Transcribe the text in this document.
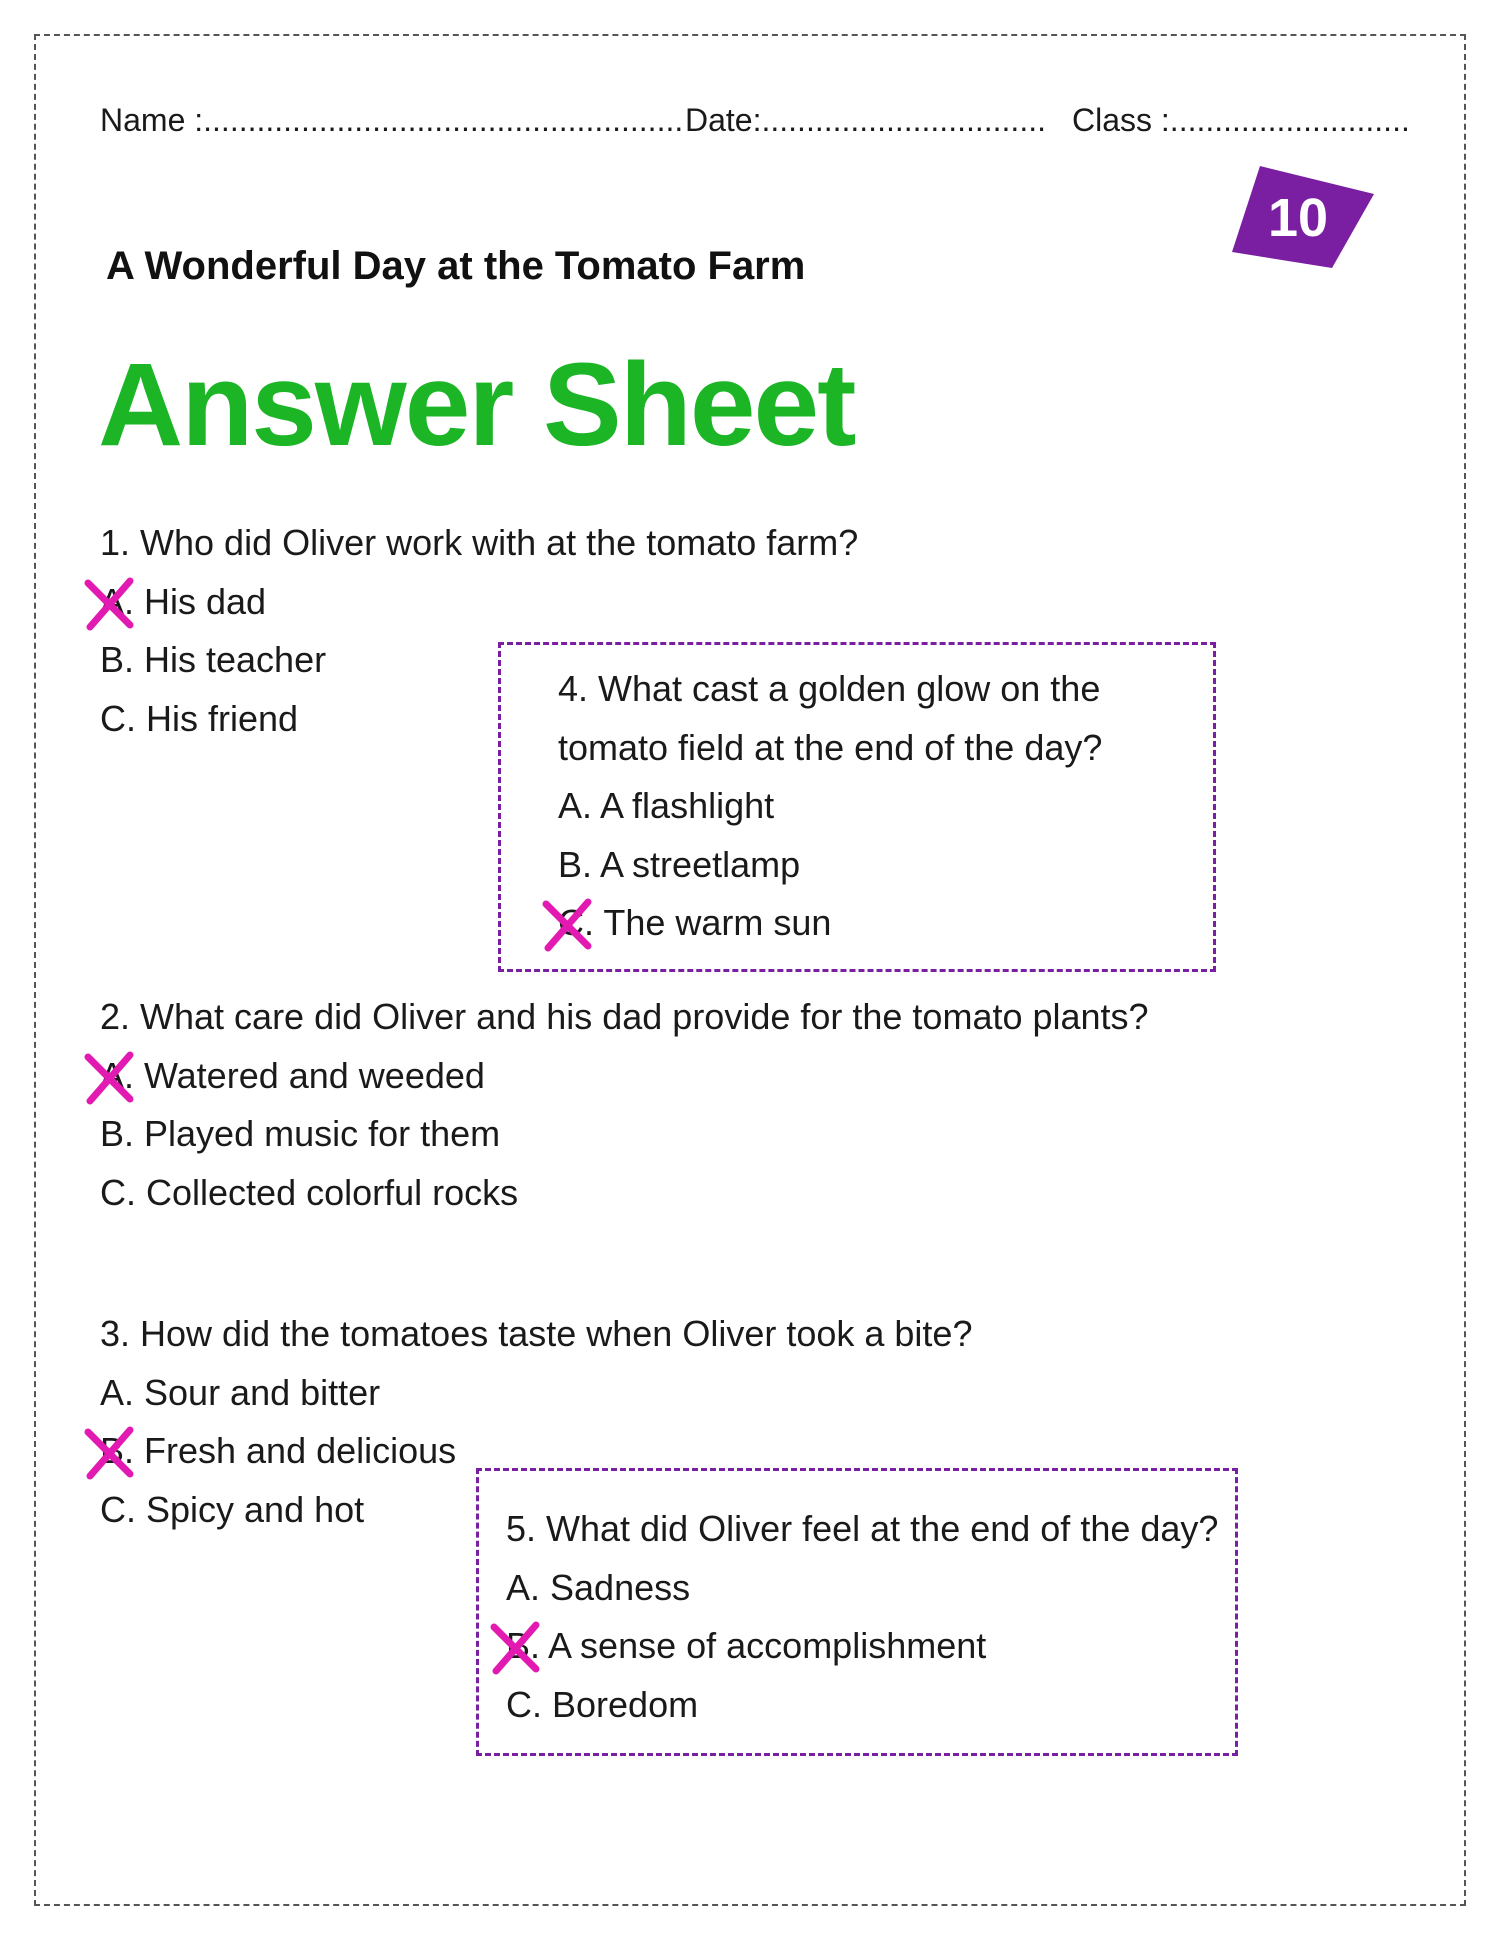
Name :...................................................... Date:................................ Class :...........................
10
A Wonderful Day at the Tomato Farm
Answer Sheet
1. Who did Oliver work with at the tomato farm?
A. His dad
B. His teacher
C. His friend
4. What cast a golden glow on the
tomato field at the end of the day?
A. A flashlight
B. A streetlamp
C. The warm sun
2. What care did Oliver and his dad provide for the tomato plants?
A. Watered and weeded
B. Played music for them
C. Collected colorful rocks
3. How did the tomatoes taste when Oliver took a bite?
A. Sour and bitter
B. Fresh and delicious
C. Spicy and hot	5. What did Oliver feel at the end of the day?
A. Sadness
B. A sense of accomplishment
C. Boredom
